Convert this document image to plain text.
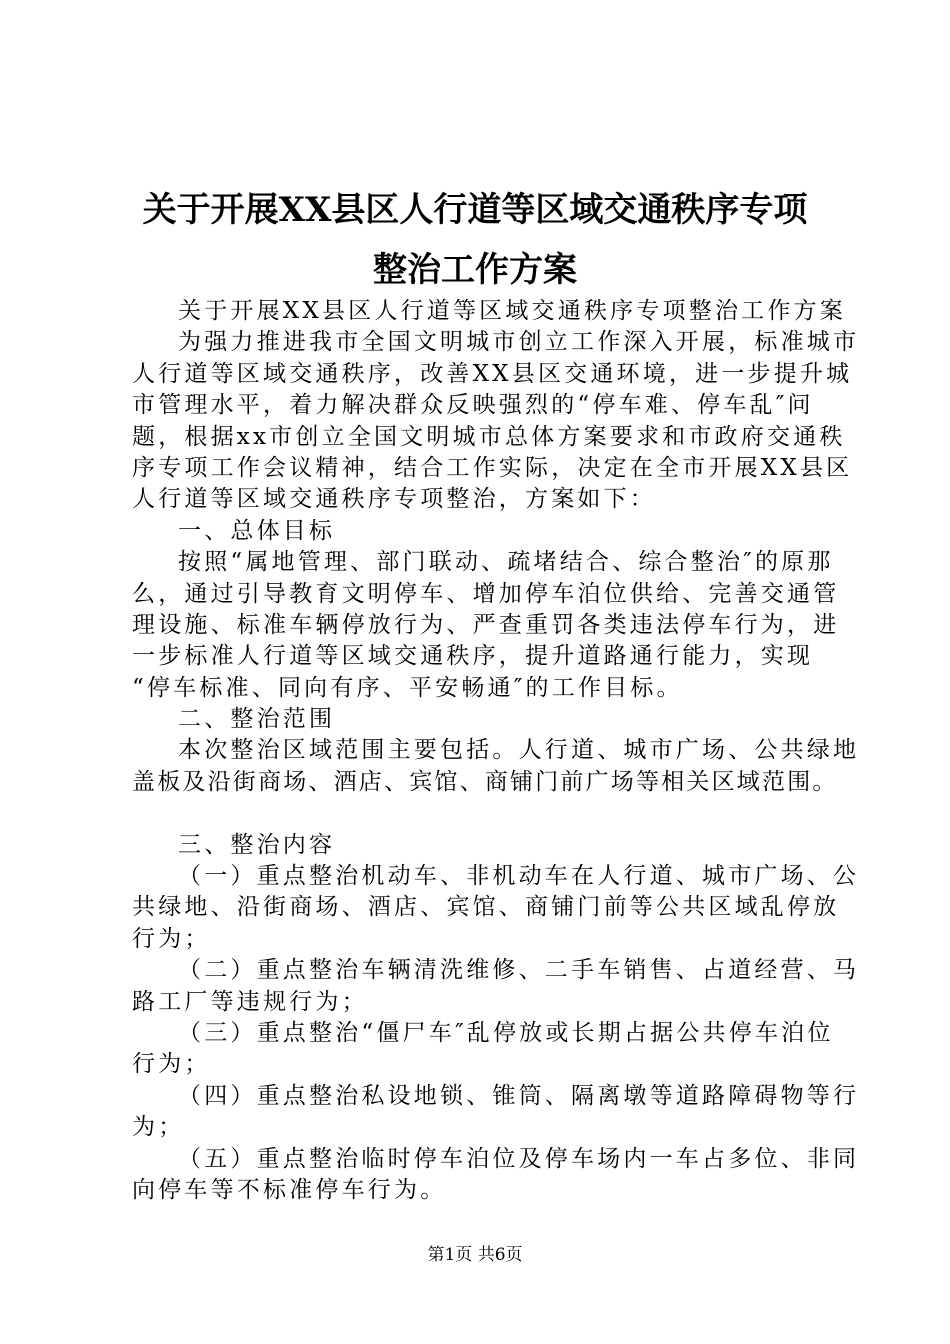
关于开展XX县区人行道等区域交通秩序专项
整治工作方案
关于开展XX县区人行道等区域交通秩序专项整治工作方案
为强力推进我市全国文明城市创立工作深入开展，标准城市
人行道等区域交通秩序，改善XX县区交通环境，进一步提升城
市管理水平，着力解决群众反映强烈的“停车难、停车乱″问
题，根据xx市创立全国文明城市总体方案要求和市政府交通秩
序专项工作会议精神，结合工作实际，决定在全市开展XX县区
人行道等区域交通秩序专项整治，方案如下：
一、总体目标
按照“属地管理、部门联动、疏堵结合、综合整治″的原那
么，通过引导教育文明停车、增加停车泊位供给、完善交通管
理设施、标准车辆停放行为、严查重罚各类违法停车行为，进
一步标准人行道等区域交通秩序，提升道路通行能力，实现
“停车标准、同向有序、平安畅通″的工作目标。
二、整治范围
本次整治区域范围主要包括。人行道、城市广场、公共绿地
盖板及沿街商场、酒店、宾馆、商铺门前广场等相关区域范围。
三、整治内容
（一）重点整治机动车、非机动车在人行道、城市广场、公
共绿地、沿街商场、酒店、宾馆、商铺门前等公共区域乱停放
行为；
（二）重点整治车辆清洗维修、二手车销售、占道经营、马
路工厂等违规行为；
（三）重点整治“僵尸车″乱停放或长期占据公共停车泊位
行为；
（四）重点整治私设地锁、锥筒、隔离墩等道路障碍物等行
为；
（五）重点整治临时停车泊位及停车场内一车占多位、非同
向停车等不标准停车行为。
第1页 共6页
